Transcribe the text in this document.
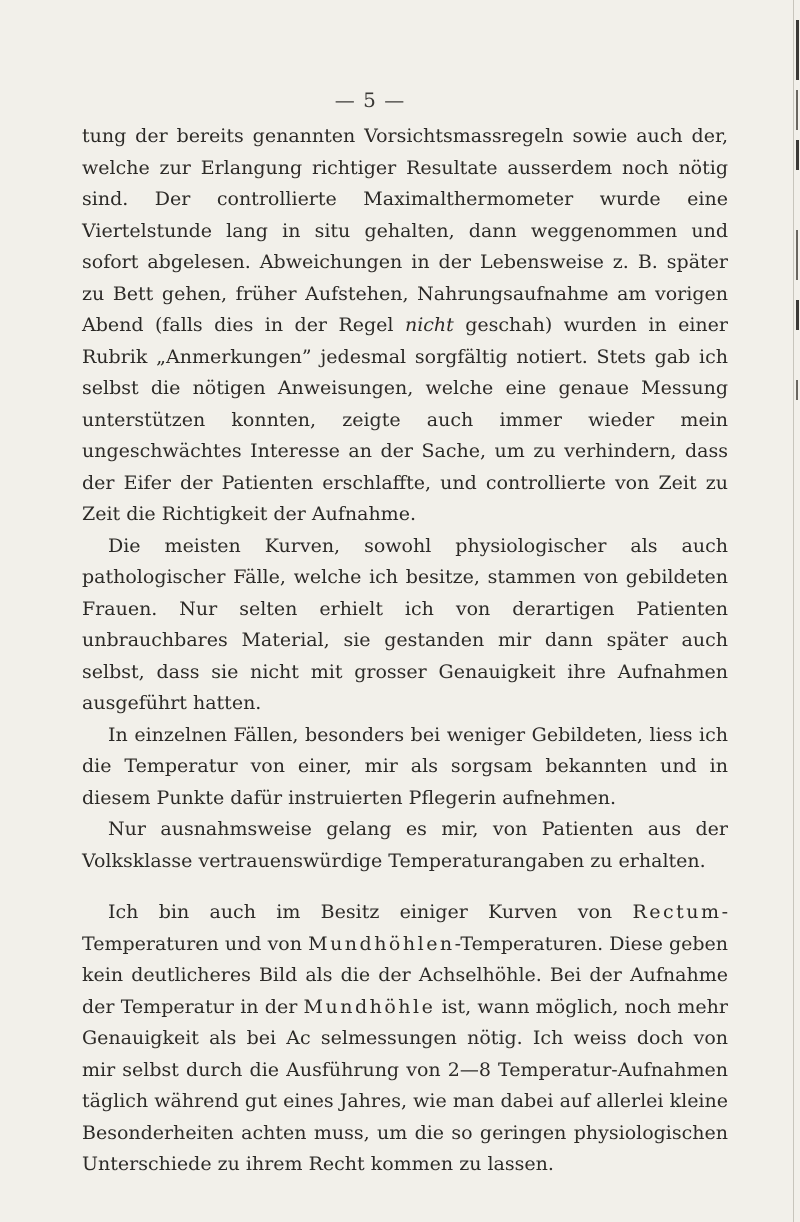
— 5 —

tung der bereits genannten Vorsichtsmassregeln sowie auch der, welche zur Erlangung richtiger Resultate ausserdem noch nötig sind. Der controllierte Maximalthermometer wurde eine Viertelstunde lang in situ gehalten, dann weggenommen und sofort abgelesen. Abweichungen in der Lebensweise z. B. später zu Bett gehen, früher Aufstehen, Nahrungsaufnahme am vorigen Abend (falls dies in der Regel nicht geschah) wurden in einer Rubrik „Anmerkungen” jedesmal sorgfältig notiert. Stets gab ich selbst die nötigen Anweisungen, welche eine genaue Messung unterstützen konnten, zeigte auch immer wieder mein ungeschwächtes Interesse an der Sache, um zu verhindern, dass der Eifer der Patienten erschlaffte, und controllierte von Zeit zu Zeit die Richtigkeit der Aufnahme.

Die meisten Kurven, sowohl physiologischer als auch pathologischer Fälle, welche ich besitze, stammen von gebildeten Frauen. Nur selten erhielt ich von derartigen Patienten unbrauchbares Material, sie gestanden mir dann später auch selbst, dass sie nicht mit grosser Genauigkeit ihre Aufnahmen ausgeführt hatten.

In einzelnen Fällen, besonders bei weniger Gebildeten, liess ich die Temperatur von einer, mir als sorgsam bekannten und in diesem Punkte dafür instruierten Pflegerin aufnehmen.

Nur ausnahmsweise gelang es mir, von Patienten aus der Volksklasse vertrauenswürdige Temperaturangaben zu erhalten.

Ich bin auch im Besitz einiger Kurven von Rectum-Temperaturen und von Mundhöhlen-Temperaturen. Diese geben kein deutlicheres Bild als die der Achselhöhle. Bei der Aufnahme der Temperatur in der Mundhöhle ist, wann möglich, noch mehr Genauigkeit als bei Ac selmessungen nötig. Ich weiss doch von mir selbst durch die Ausführung von 2—8 Temperatur-Aufnahmen täglich während gut eines Jahres, wie man dabei auf allerlei kleine Besonderheiten achten muss, um die so geringen physiologischen Unterschiede zu ihrem Recht kommen zu lassen.
